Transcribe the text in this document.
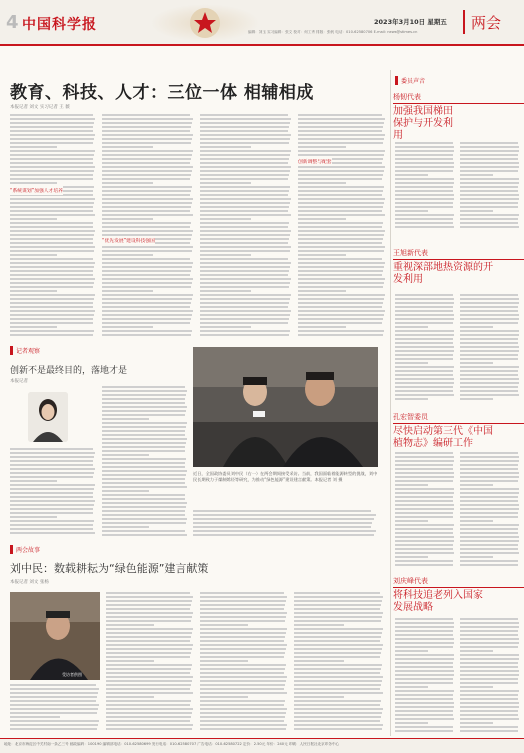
4 中国科学报	2023年3月10日 星期五
编辑：刘玉 实习编辑：张文 校对：何工秀 排版：张帆 电话：010-62580706 E-mail: news@stimes.cn	两会
教育、科技、人才：三位一体 相辅相成
本报记者 刘文 实习记者 王 薇
“系统谋划”加强人才培养
“优先发展”建设科技强国
创新调整与配套
记者观察
创新不是最终目的，落地才是
本报记者
近日，全国政协委员刘中民（右一）在两会期间接受采访。当前，我国面临着能源转型的挑战，刘中民长期致力于煤制烯烃等研究，为推动“绿色能源”建设建言献策。本报记者 刘 摄
两会故事
刘中民：数载耕耘为“绿色能源”建言献策
本报记者 刘文 张杨
受访者供图
委员声音
杨韧代表
加强我国梯田保护与开发利用
王旭新代表
重视深部地热资源的开发利用
孔宏智委员
尽快启动第三代《中国植物志》编研工作
刘庆峰代表
将科技追老列入国家发展战略
地址：北京市海淀区中关村南一条乙三号 邮政编码：100190 编辑部电话：010-62580699 发行电话：010-62580707 广告电话：010-62580722 定价：2.50元 年价：240元 印刷：人民日报社北京印务中心
